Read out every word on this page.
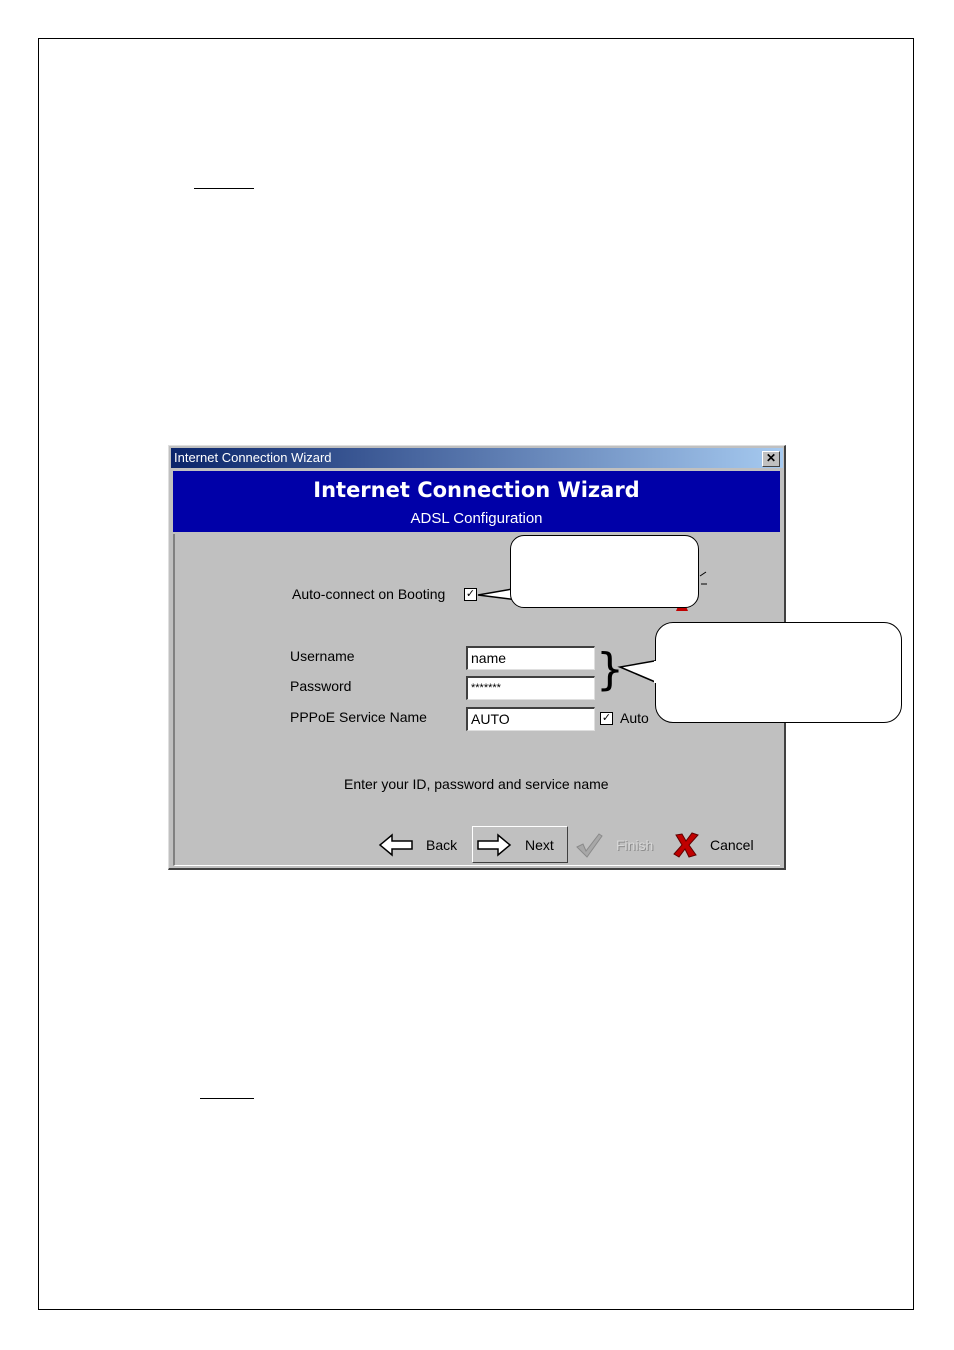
Internet Connection Wizard	✕
Internet Connection Wizard
ADSL Configuration
Auto-connect on Booting ✓
Username	name
Password	*******
PPPoE Service Name	AUTO	✓ Auto
}
Enter your ID, password and service name
Back	Next	Finish	Cancel
